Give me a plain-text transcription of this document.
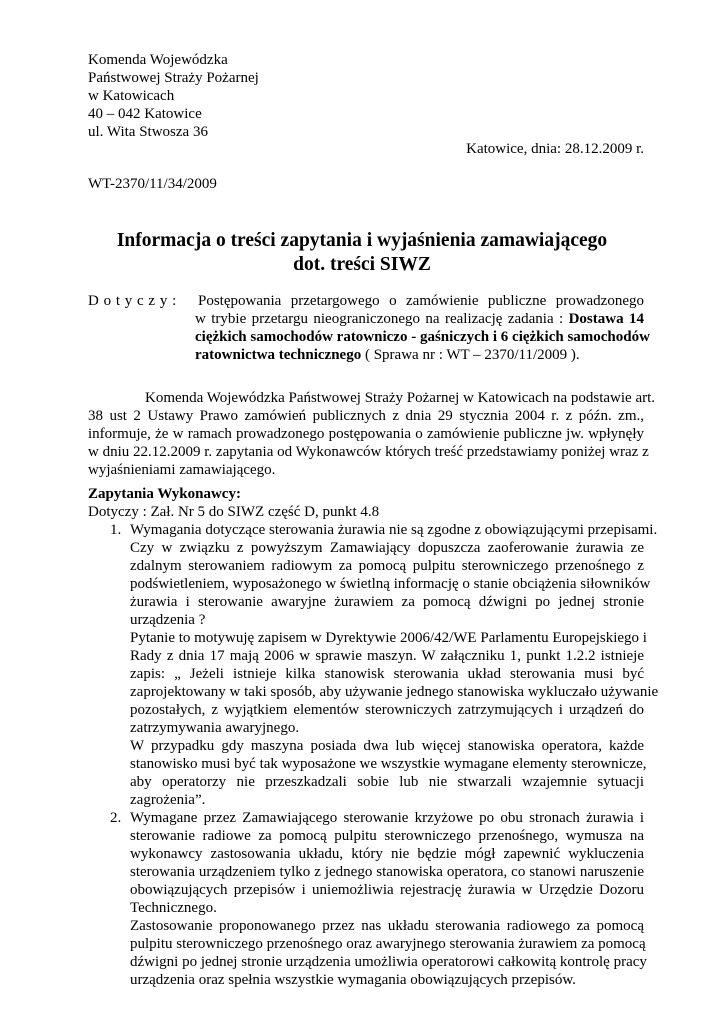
Komenda Wojewódzka
Państwowej Straży Pożarnej
w Katowicach
40 – 042 Katowice
ul. Wita Stwosza 36
Katowice, dnia: 28.12.2009 r.
WT-2370/11/34/2009
Informacja o treści zapytania i wyjaśnienia zamawiającego
dot. treści SIWZ
D o t y c z y : Postępowania przetargowego o zamówienie publiczne prowadzonego
w trybie przetargu nieograniczonego na realizację zadania : Dostawa 14
ciężkich samochodów ratowniczo - gaśniczych i 6 ciężkich samochodów
ratownictwa technicznego ( Sprawa nr : WT – 2370/11/2009 ).
Komenda Wojewódzka Państwowej Straży Pożarnej w Katowicach na podstawie art.
38 ust 2 Ustawy Prawo zamówień publicznych z dnia 29 stycznia 2004 r. z późn. zm.,
informuje, że w ramach prowadzonego postępowania o zamówienie publiczne jw. wpłynęły
w dniu 22.12.2009 r. zapytania od Wykonawców których treść przedstawiamy poniżej wraz z
wyjaśnieniami zamawiającego.
Zapytania Wykonawcy:
Dotyczy : Zał. Nr 5 do SIWZ część D, punkt 4.8
1. Wymagania dotyczące sterowania żurawia nie są zgodne z obowiązującymi przepisami.
Czy w związku z powyższym Zamawiający dopuszcza zaoferowanie żurawia ze
zdalnym sterowaniem radiowym za pomocą pulpitu sterowniczego przenośnego z
podświetleniem, wyposażonego w świetlną informację o stanie obciążenia siłowników
żurawia i sterowanie awaryjne żurawiem za pomocą dźwigni po jednej stronie
urządzenia ?
Pytanie to motywuję zapisem w Dyrektywie 2006/42/WE Parlamentu Europejskiego i
Rady z dnia 17 mają 2006 w sprawie maszyn. W załączniku 1, punkt 1.2.2 istnieje
zapis: „ Jeżeli istnieje kilka stanowisk sterowania układ sterowania musi być
zaprojektowany w taki sposób, aby używanie jednego stanowiska wykluczało używanie
pozostałych, z wyjątkiem elementów sterowniczych zatrzymujących i urządzeń do
zatrzymywania awaryjnego.
W przypadku gdy maszyna posiada dwa lub więcej stanowiska operatora, każde
stanowisko musi być tak wyposażone we wszystkie wymagane elementy sterownicze,
aby operatorzy nie przeszkadzali sobie lub nie stwarzali wzajemnie sytuacji
zagrożenia”.
2. Wymagane przez Zamawiającego sterowanie krzyżowe po obu stronach żurawia i
sterowanie radiowe za pomocą pulpitu sterowniczego przenośnego, wymusza na
wykonawcy zastosowania układu, który nie będzie mógł zapewnić wykluczenia
sterowania urządzeniem tylko z jednego stanowiska operatora, co stanowi naruszenie
obowiązujących przepisów i uniemożliwia rejestrację żurawia w Urzędzie Dozoru
Technicznego.
Zastosowanie proponowanego przez nas układu sterowania radiowego za pomocą
pulpitu sterowniczego przenośnego oraz awaryjnego sterowania żurawiem za pomocą
dźwigni po jednej stronie urządzenia umożliwia operatorowi całkowitą kontrolę pracy
urządzenia oraz spełnia wszystkie wymagania obowiązujących przepisów.
